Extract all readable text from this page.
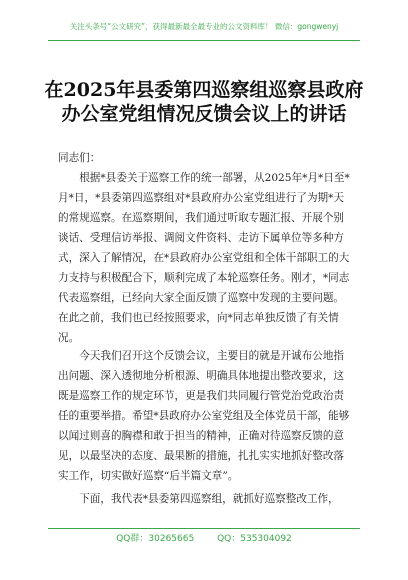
关注头条号“公文研究”，获得最新最全最专业的公文资料库！ 微信：gongwenyj
在2025年县委第四巡察组巡察县政府办公室党组情况反馈会议上的讲话

同志们：

根据*县委关于巡察工作的统一部署，从2025年*月*日至*月*日，*县委第四巡察组对*县政府办公室党组进行了为期*天的常规巡察。在巡察期间，我们通过听取专题汇报、开展个别谈话、受理信访举报、调阅文件资料、走访下属单位等多种方式，深入了解情况，在*县政府办公室党组和全体干部职工的大力支持与积极配合下，顺利完成了本轮巡察任务。刚才，*同志代表巡察组，已经向大家全面反馈了巡察中发现的主要问题。在此之前，我们也已经按照要求，向*同志单独反馈了有关情况。

今天我们召开这个反馈会议，主要目的就是开诚布公地指出问题、深入透彻地分析根源、明确具体地提出整改要求，这既是巡察工作的规定环节，更是我们共同履行管党治党政治责任的重要举措。希望*县政府办公室党组及全体党员干部，能够以闻过则喜的胸襟和敢于担当的精神，正确对待巡察反馈的意见，以最坚决的态度、最果断的措施，扎扎实实地抓好整改落实工作，切实做好巡察“后半篇文章”。

下面，我代表*县委第四巡察组，就抓好巡察整改工作，

QQ群：30265665	QQ：535304092
